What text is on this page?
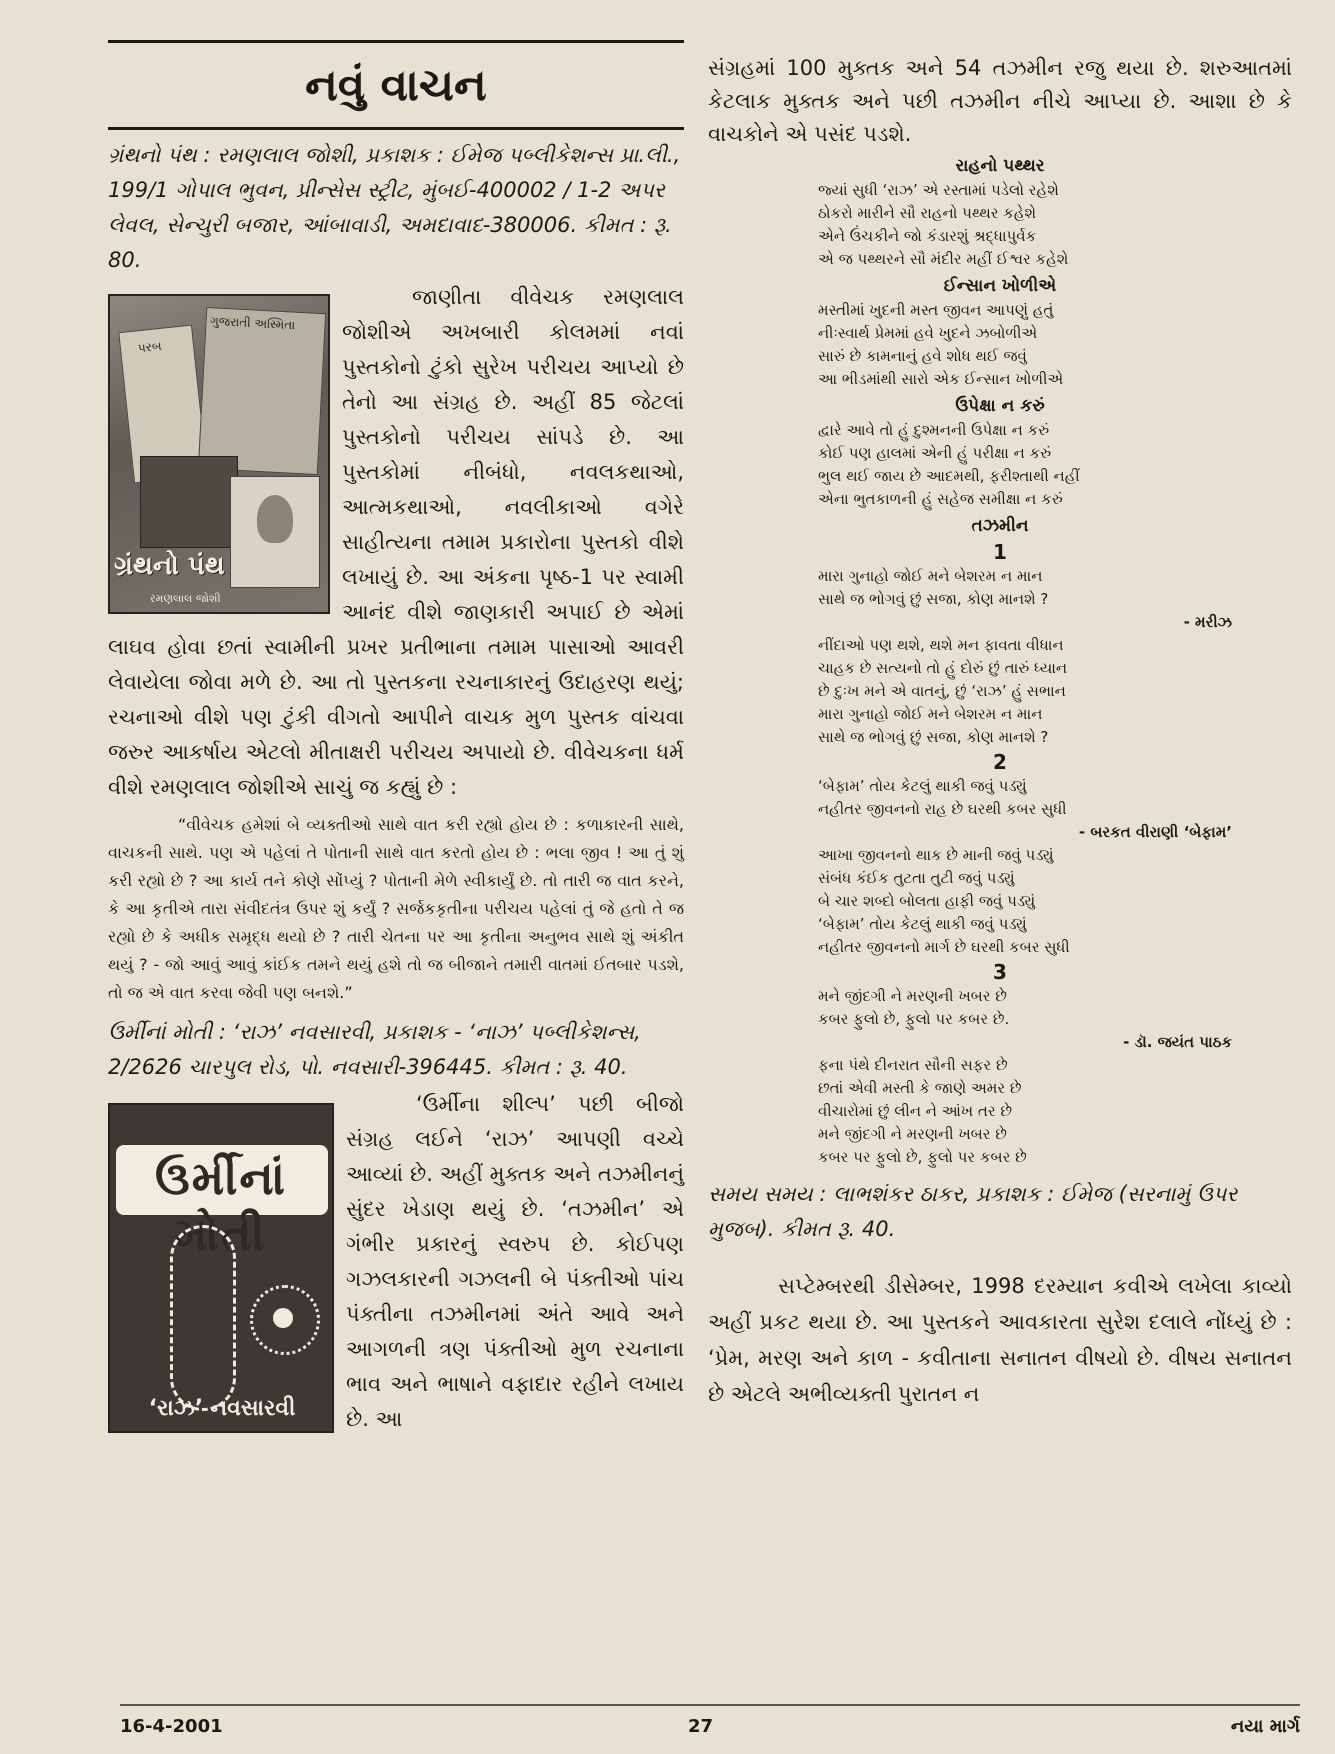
નવું વાચન
ગ્રંથનો પંથ : રમણલાલ જોશી, પ્રકાશક : ઈમેજ પબ્લીકેશન્સ પ્રા.લી., 199/1 ગોપાલ ભુવન, પ્રીન્સેસ સ્ટ્રીટ, મુંબઈ-400002 / 1-2 અપર લેવલ, સેન્ચુરી બજાર, આંબાવાડી, અમદાવાદ-380006. કીમત : રૂ. 80.
ગુજરાતી અસ્મિતા
પરબ
ગ્રંથનો પંથ
રમણલાલ જોશી

જાણીતા વીવેચક રમણલાલ જોશીએ અખબારી કોલમમાં નવાં પુસ્તકોનો ટુંકો સુરેખ પરીચય આપ્યો છે તેનો આ સંગ્રહ છે. અહીં 85 જેટલાં પુસ્તકોનો પરીચય સાંપડે છે. આ પુસ્તકોમાં નીબંધો, નવલકથાઓ, આત્મકથાઓ, નવલીકાઓ વગેરે સાહીત્યના તમામ પ્રકારોના પુસ્તકો વીશે લખાયું છે. આ અંકના પૃષ્ઠ-1 પર સ્વામી આનંદ વીશે જાણકારી અપાઈ છે એમાં લાઘવ હોવા છતાં સ્વામીની પ્રખર પ્રતીભાના તમામ પાસાઓ આવરી લેવાયેલા જોવા મળે છે. આ તો પુસ્તકના રચનાકારનું ઉદાહરણ થયું; રચનાઓ વીશે પણ ટુંકી વીગતો આપીને વાચક મુળ પુસ્તક વાંચવા જરુર આકર્ષાય એટલો મીતાક્ષરી પરીચય અપાયો છે. વીવેચકના ધર્મ વીશે રમણલાલ જોશીએ સાચું જ કહ્યું છે :

“વીવેચક હમેશાં બે વ્યક્તીઓ સાથે વાત કરી રહ્યો હોય છે : કળાકારની સાથે, વાચકની સાથે. પણ એ પહેલાં તે પોતાની સાથે વાત કરતો હોય છે : ભલા જીવ ! આ તું શું કરી રહ્યો છે ? આ કાર્ય તને કોણે સોંપ્યું ? પોતાની મેળે સ્વીકાર્યું છે. તો તારી જ વાત કરને, કે આ કૃતીએ તારા સંવીદતંત્ર ઉપર શું કર્યું ? સર્જકકૃતીના પરીચય પહેલાં તું જે હતો તે જ રહ્યો છે કે અધીક સમૃદ્ધ થયો છે ? તારી ચેતના પર આ કૃતીના અનુભવ સાથે શું અંકીત થયું ? - જો આવું આવું કાંઈક તમને થયું હશે તો જ બીજાને તમારી વાતમાં ઈતબાર પડશે, તો જ એ વાત કરવા જેવી પણ બનશે.”

ઉર્મીનાં મોતી : ‘રાઝ’ નવસારવી, પ્રકાશક - ‘નાઝ’ પબ્લીકેશન્સ, 2/2626 ચારપુલ રોડ, પો. નવસારી-396445. કીમત : રૂ. 40.
ઉર્મીનાં મોતી
‘રાઝ’ નવસારવી

‘ઉર્મીના શીલ્પ’ પછી બીજો સંગ્રહ લઈને ‘રાઝ’ આપણી વચ્ચે આવ્યાં છે. અહીં મુક્તક અને તઝમીનનું સુંદર ખેડાણ થયું છે. ‘તઝમીન’ એ ગંભીર પ્રકારનું સ્વરુપ છે. કોઈપણ ગઝલકારની ગઝલની બે પંક્તીઓ પાંચ પંક્તીના તઝમીનમાં અંતે આવે અને આગળની ત્રણ પંક્તીઓ મુળ રચનાના ભાવ અને ભાષાને વફાદાર રહીને લખાય છે. આ

સંગ્રહમાં 100 મુક્તક અને 54 તઝમીન રજુ થયા છે. શરુઆતમાં કેટલાક મુક્તક અને પછી તઝમીન નીચે આપ્યા છે. આશા છે કે વાચકોને એ પસંદ પડશે.
રાહનો પથ્થર
જ્યાં સુધી ‘રાઝ’ એ રસ્તામાં પડેલો રહેશે
ઠોકરો મારીને સૌ રાહનો પથ્થર કહેશે
એને ઉંચકીને જો કંડારશું શ્રદ્ધાપુર્વક
એ જ પથ્થરને સૌ મંદીર મહીં ઈશ્વર કહેશે
ઈન્સાન ખોળીએ
મસ્તીમાં ખુદની મસ્ત જીવન આપણું હતું
નીઃસ્વાર્થ પ્રેમમાં હવે ખુદને ઝબોળીએ
સારું છે કામનાનું હવે શોધ થઈ જવું
આ ભીડમાંથી સારો એક ઈન્સાન ખોળીએ
ઉપેક્ષા ન કરું
દ્વારે આવે તો હું દુશ્મનની ઉપેક્ષા ન કરું
કોઈ પણ હાલમાં એની હું પરીક્ષા ન કરું
ભુલ થઈ જાય છે આદમથી, ફરીશ્તાથી નહીં
એના ભુતકાળની હું સહેજ સમીક્ષા ન કરું
તઝમીન
1
મારા ગુનાહો જોઈ મને બેશરમ ન માન
સાથે જ ભોગવું છું સજા, કોણ માનશે ?
- મરીઝ
નીંદાઓ પણ થશે, થશે મન ફાવતા વીધાન
ચાહક છે સત્યનો તો હું દોરું છું તારું ધ્યાન
છે દુઃખ મને એ વાતનું, છું ‘રાઝ’ હું સભાન
મારા ગુનાહો જોઈ મને બેશરમ ન માન
સાથે જ ભોગવું છું સજા, કોણ માનશે ?
2
‘બેફામ’ તોય કેટલું થાકી જવું પડ્યું
નહીતર જીવનનો રાહ છે ઘરથી કબર સુધી
- બરકત વીરાણી ‘બેફામ’
આખા જીવનનો થાક છે માની જવું પડ્યું
સંબંધ કંઈક તુટતા તુટી જવું પડ્યું
બે ચાર શબ્દો બોલતા હાફી જવું પડ્યું
‘બેફામ’ તોય કેટલું થાકી જવું પડ્યું
નહીતર જીવનનો માર્ગ છે ઘરથી કબર સુધી
3
મને જીંદગી ને મરણની ખબર છે
કબર ફુલો છે, ફુલો પર કબર છે.
- ડૉ. જયંત પાઠક
ફના પંથે દીનરાત સૌની સફર છે
છતાં એવી મસ્તી કે જાણે અમર છે
વીચારોમાં છું લીન ને આંખ તર છે
મને જીંદગી ને મરણની ખબર છે
કબર પર ફુલો છે, ફુલો પર કબર છે
સમય સમય : લાભશંકર ઠાકર, પ્રકાશક : ઈમેજ (સરનામું ઉપર મુજબ). કીમત રૂ. 40.

સપ્ટેમ્બરથી ડીસેમ્બર, 1998 દરમ્યાન કવીએ લખેલા કાવ્યો અહીં પ્રકટ થયા છે. આ પુસ્તકને આવકારતા સુરેશ દલાલે નોંધ્યું છે : ‘પ્રેમ, મરણ અને કાળ - કવીતાના સનાતન વીષયો છે. વીષય સનાતન છે એટલે અભીવ્યક્તી પુરાતન ન

16-4-2001	27	નયા માર્ગ
